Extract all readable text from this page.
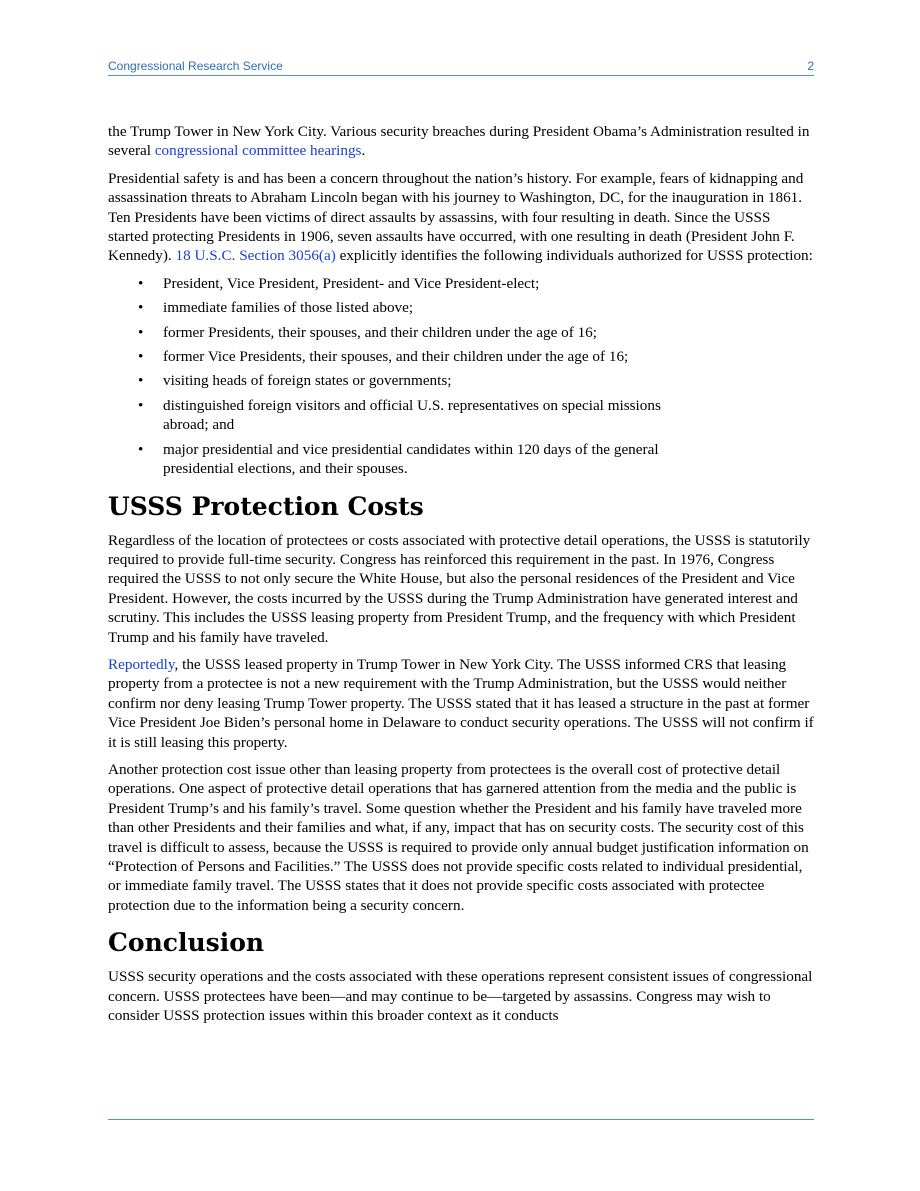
Congressional Research Service	2

the Trump Tower in New York City. Various security breaches during President Obama’s Administration resulted in several congressional committee hearings.

Presidential safety is and has been a concern throughout the nation’s history. For example, fears of kidnapping and assassination threats to Abraham Lincoln began with his journey to Washington, DC, for the inauguration in 1861. Ten Presidents have been victims of direct assaults by assassins, with four resulting in death. Since the USSS started protecting Presidents in 1906, seven assaults have occurred, with one resulting in death (President John F. Kennedy). 18 U.S.C. Section 3056(a) explicitly identifies the following individuals authorized for USSS protection:

• President, Vice President, President- and Vice President-elect;
• immediate families of those listed above;
• former Presidents, their spouses, and their children under the age of 16;
• former Vice Presidents, their spouses, and their children under the age of 16;
• visiting heads of foreign states or governments;
• distinguished foreign visitors and official U.S. representatives on special missions abroad; and
• major presidential and vice presidential candidates within 120 days of the general presidential elections, and their spouses.
USSS Protection Costs

Regardless of the location of protectees or costs associated with protective detail operations, the USSS is statutorily required to provide full-time security. Congress has reinforced this requirement in the past. In 1976, Congress required the USSS to not only secure the White House, but also the personal residences of the President and Vice President. However, the costs incurred by the USSS during the Trump Administration have generated interest and scrutiny. This includes the USSS leasing property from President Trump, and the frequency with which President Trump and his family have traveled.

Reportedly, the USSS leased property in Trump Tower in New York City. The USSS informed CRS that leasing property from a protectee is not a new requirement with the Trump Administration, but the USSS would neither confirm nor deny leasing Trump Tower property. The USSS stated that it has leased a structure in the past at former Vice President Joe Biden’s personal home in Delaware to conduct security operations. The USSS will not confirm if it is still leasing this property.

Another protection cost issue other than leasing property from protectees is the overall cost of protective detail operations. One aspect of protective detail operations that has garnered attention from the media and the public is President Trump’s and his family’s travel. Some question whether the President and his family have traveled more than other Presidents and their families and what, if any, impact that has on security costs. The security cost of this travel is difficult to assess, because the USSS is required to provide only annual budget justification information on “Protection of Persons and Facilities.” The USSS does not provide specific costs related to individual presidential, or immediate family travel. The USSS states that it does not provide specific costs associated with protectee protection due to the information being a security concern.

Conclusion

USSS security operations and the costs associated with these operations represent consistent issues of congressional concern. USSS protectees have been—and may continue to be—targeted by assassins. Congress may wish to consider USSS protection issues within this broader context as it conducts
